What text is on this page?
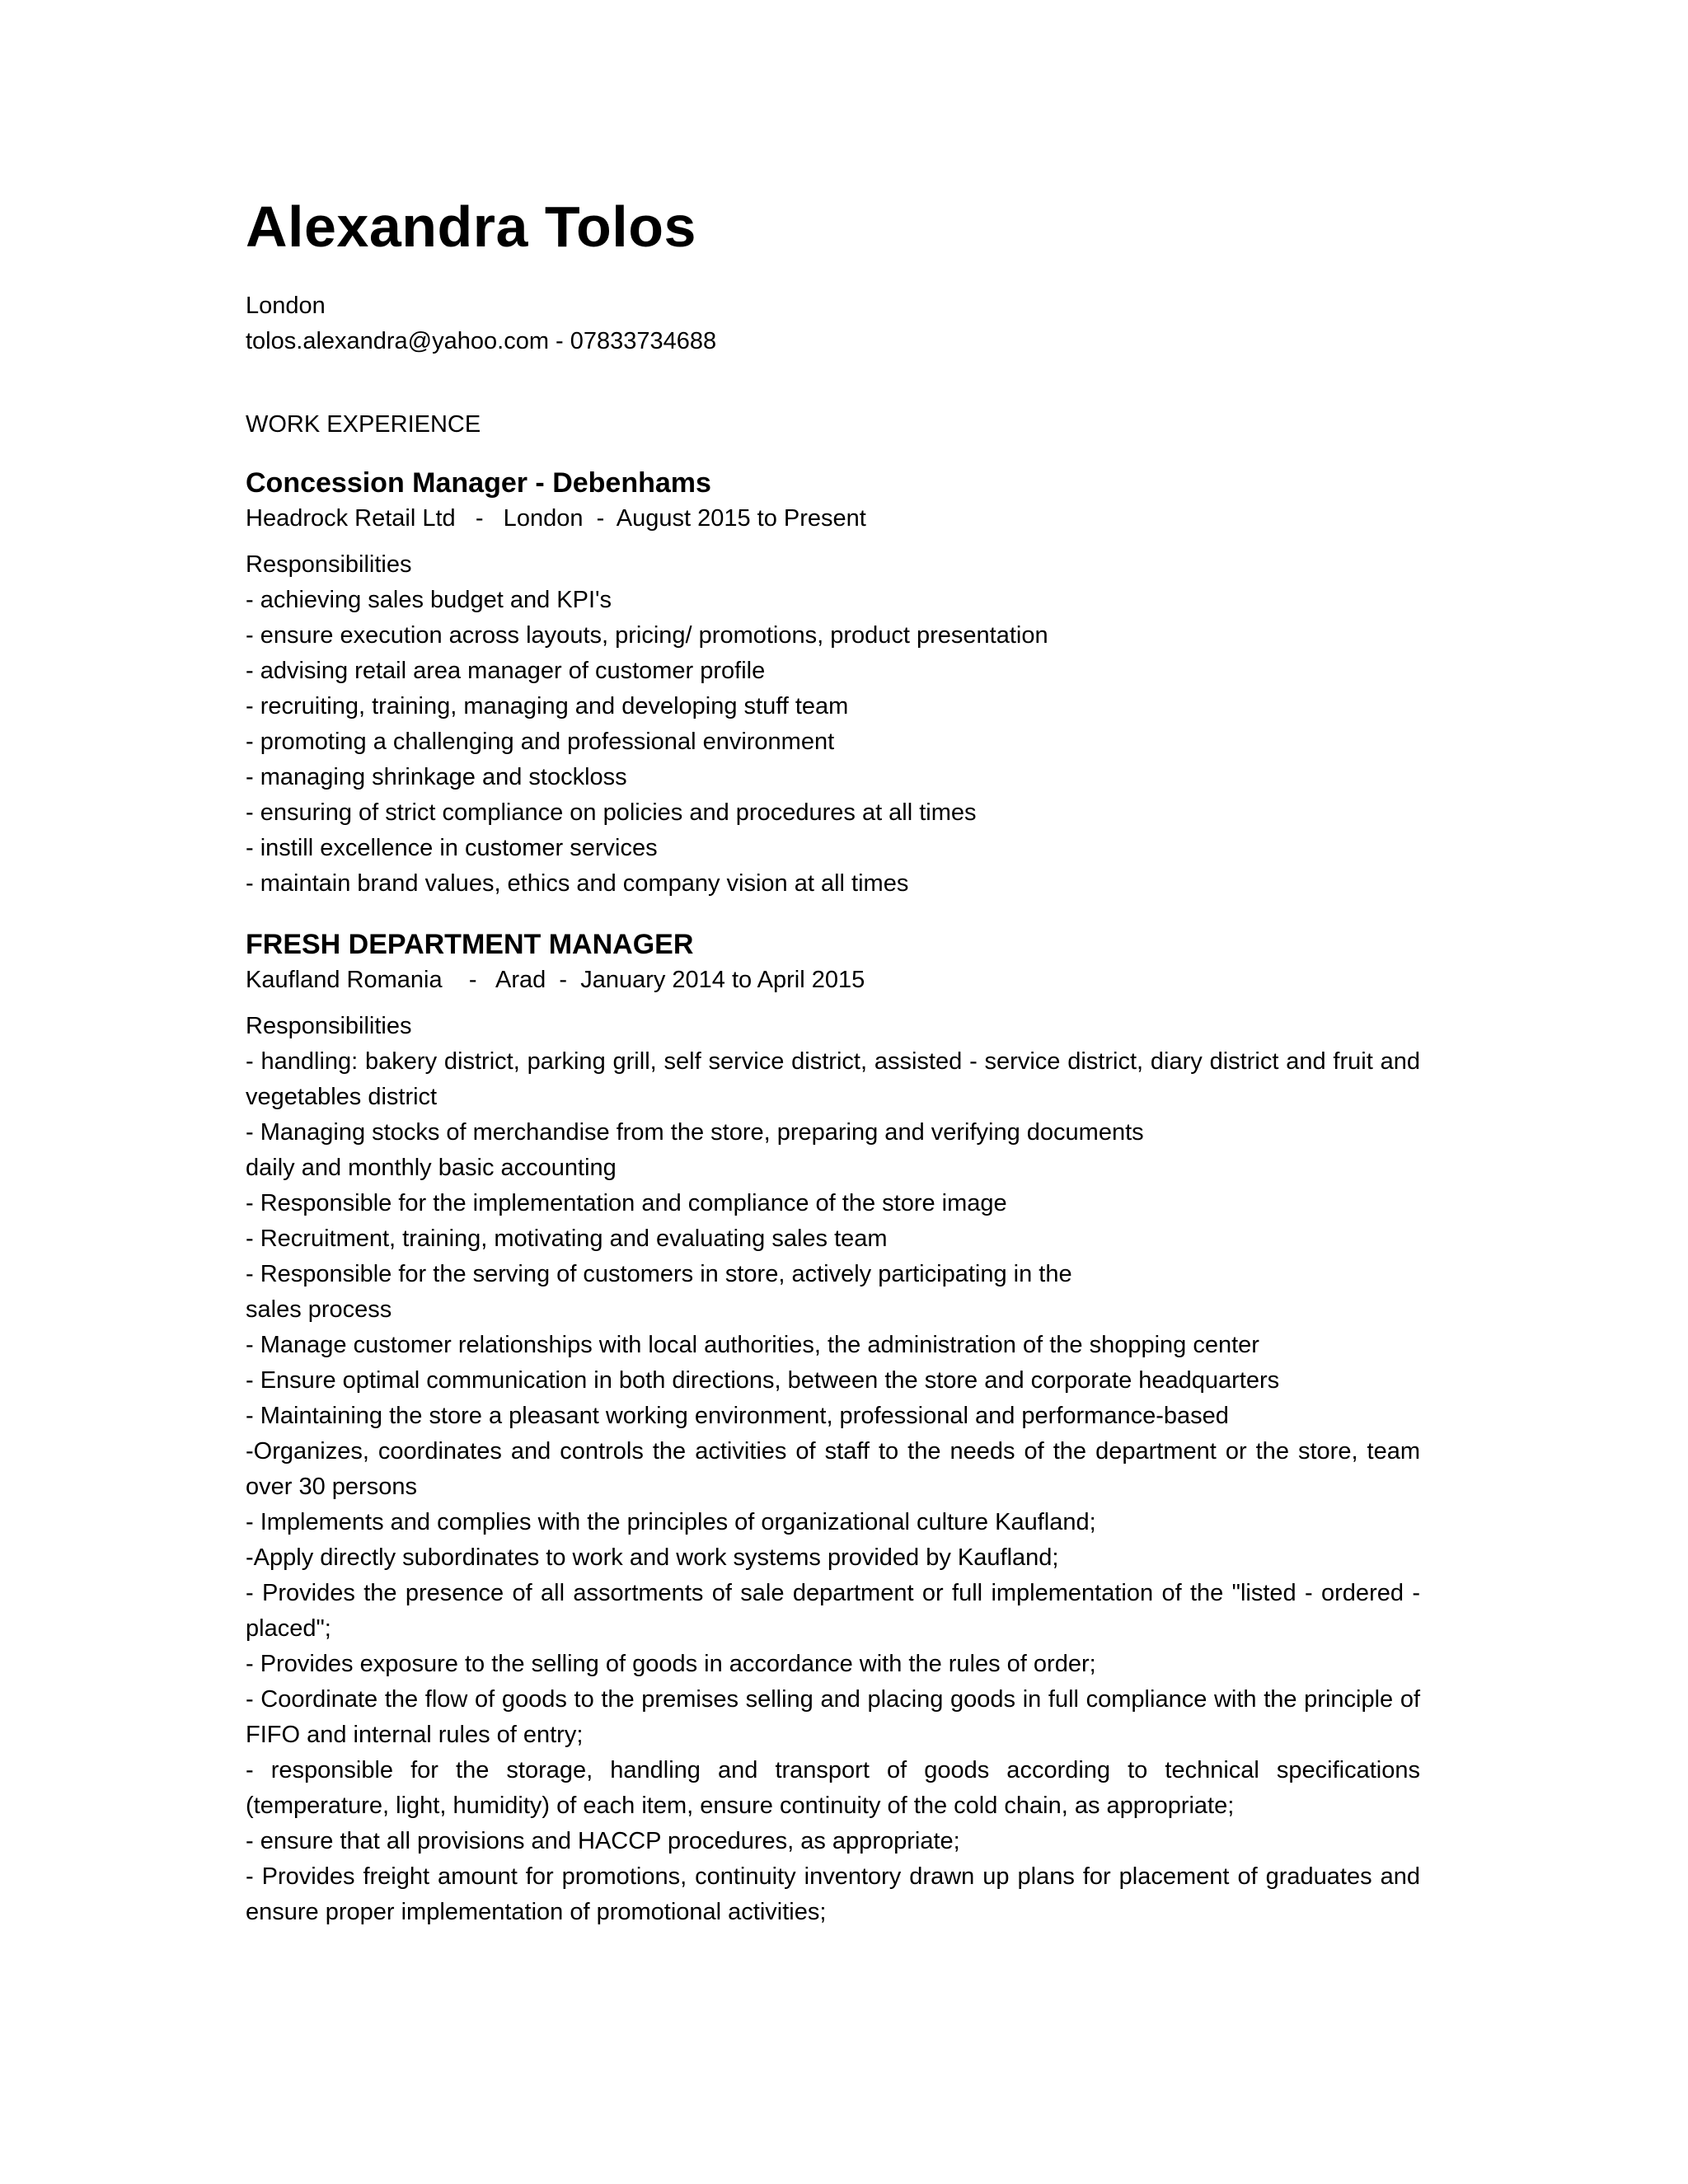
Alexandra Tolos
London
tolos.alexandra@yahoo.com - 07833734688
WORK EXPERIENCE
Concession Manager - Debenhams
Headrock Retail Ltd   -   London  -  August 2015 to Present
Responsibilities
- achieving sales budget and KPI's
- ensure execution across layouts, pricing/ promotions, product presentation
- advising retail area manager of customer profile
- recruiting, training, managing and developing stuff team
- promoting a challenging and professional environment
- managing shrinkage and stockloss
- ensuring of strict compliance on policies and procedures at all times
- instill excellence in customer services
- maintain brand values, ethics and company vision at all times
FRESH DEPARTMENT MANAGER
Kaufland Romania    -   Arad  -  January 2014 to April 2015
Responsibilities
- handling: bakery district, parking grill, self service district, assisted - service district, diary district and fruit and vegetables district
- Managing stocks of merchandise from the store, preparing and verifying documents
daily and monthly basic accounting
- Responsible for the implementation and compliance of the store image
- Recruitment, training, motivating and evaluating sales team
- Responsible for the serving of customers in store, actively participating in the
sales process
- Manage customer relationships with local authorities, the administration of the shopping center
- Ensure optimal communication in both directions, between the store and corporate headquarters
- Maintaining the store a pleasant working environment, professional and performance-based
-Organizes, coordinates and controls the activities of staff to the needs of the department or the store, team over 30 persons
- Implements and complies with the principles of organizational culture Kaufland;
-Apply directly subordinates to work and work systems provided by Kaufland;
- Provides the presence of all assortments of sale department or full implementation of the "listed - ordered - placed";
- Provides exposure to the selling of goods in accordance with the rules of order;
- Coordinate the flow of goods to the premises selling and placing goods in full compliance with the principle of FIFO and internal rules of entry;
- responsible for the storage, handling and transport of goods according to technical specifications (temperature, light, humidity) of each item, ensure continuity of the cold chain, as appropriate;
- ensure that all provisions and HACCP procedures, as appropriate;
- Provides freight amount for promotions, continuity inventory drawn up plans for placement of graduates and ensure proper implementation of promotional activities;
